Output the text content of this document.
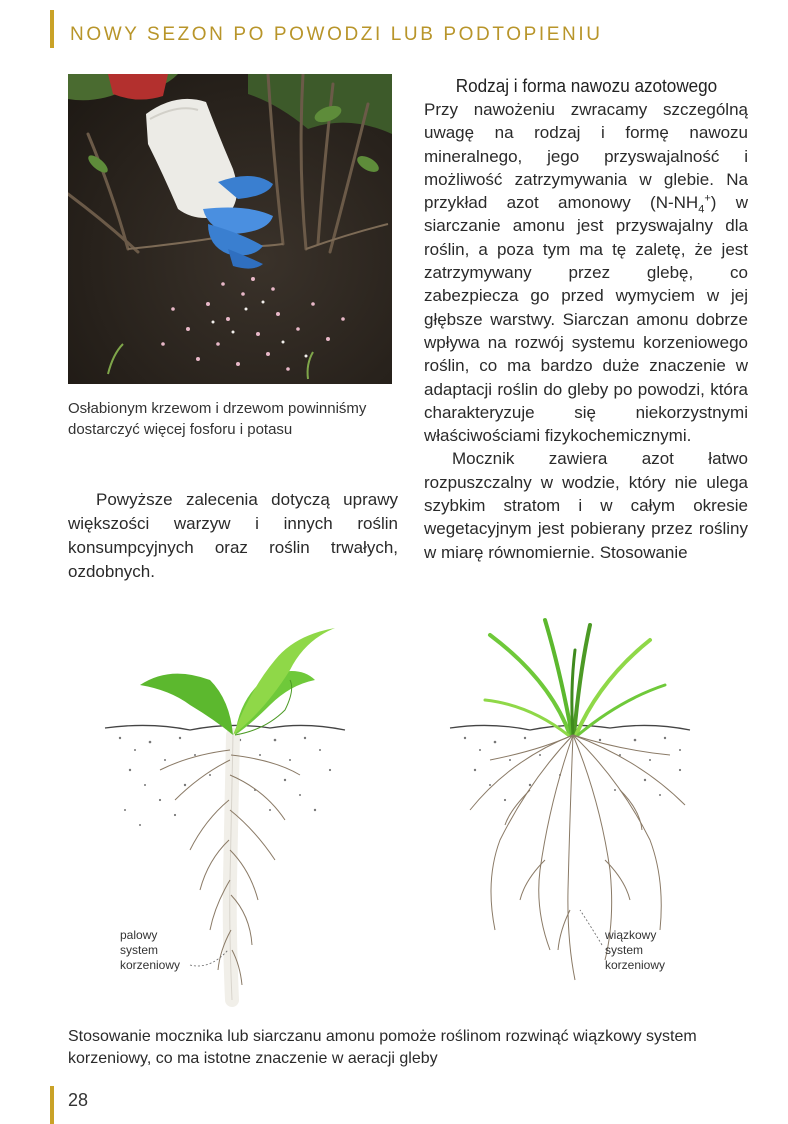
NOWY SEZON PO POWODZI LUB PODTOPIENIU
Osłabionym krzewom i drzewom powinniśmy dostarczyć więcej fosforu i potasu

Powyższe zalecenia dotyczą uprawy większości warzyw i innych roślin konsumpcyjnych oraz roślin trwałych, ozdobnych.

Rodzaj i forma nawozu azotowego

Przy nawożeniu zwracamy szczególną uwagę na rodzaj i formę nawozu mineralnego, jego przyswajalność i możliwość zatrzymywania w glebie. Na przykład azot amonowy $(N-NH_4^+)$ w siarczanie amonu jest przyswajalny dla roślin, a poza tym ma tę zaletę, że jest zatrzymywany przez glebę, co zabezpiecza go przed wymyciem w jej głębsze warstwy. Siarczan amonu dobrze wpływa na rozwój systemu korzeniowego roślin, co ma bardzo duże znaczenie w adaptacji roślin do gleby po powodzi, która charakteryzuje się niekorzystnymi właściwościami fizykochemicznymi.

Mocznik zawiera azot łatwo rozpuszczalny w wodzie, który nie ulega szybkim stratom i w całym okresie wegetacyjnym jest pobierany przez rośliny w miarę równomiernie. Stosowanie

palowy
system
korzeniowy
wiązkowy
system
korzeniowy
Stosowanie mocznika lub siarczanu amonu pomoże roślinom rozwinąć wiązkowy system korzeniowy, co ma istotne znaczenie w aeracji gleby
28
